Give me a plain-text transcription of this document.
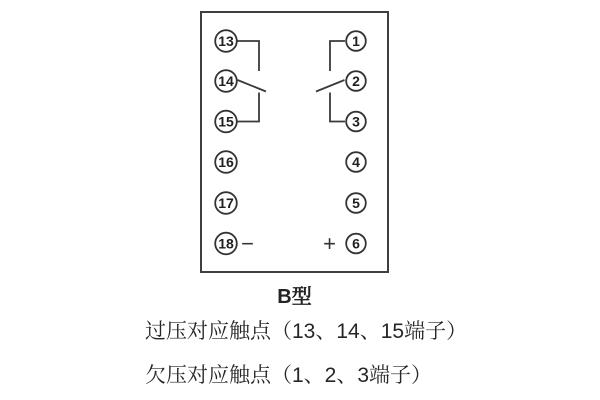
−	+
13
14
15
16
17
18
1
2
3
4
5
6
B型
过压对应触点（13、14、15端子）
欠压对应触点（1、2、3端子）
